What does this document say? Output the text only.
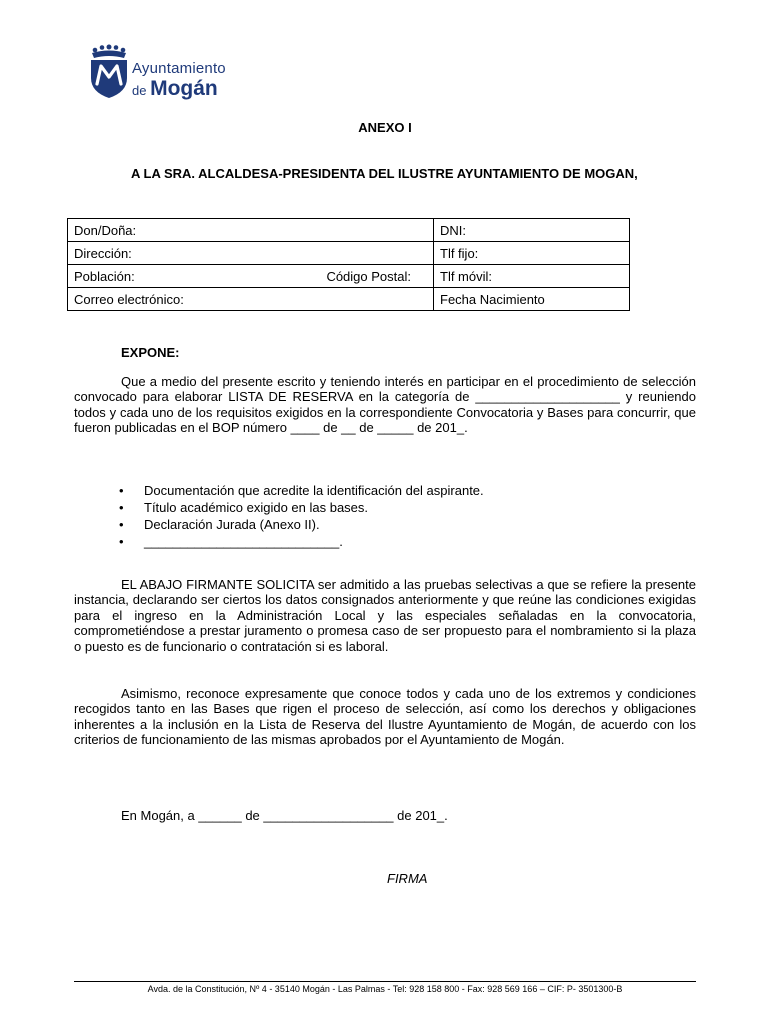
Ayuntamiento
de Mogán
ANEXO I
A LA SRA. ALCALDESA-PRESIDENTA DEL ILUSTRE AYUNTAMIENTO DE MOGAN,
Don/Doña:	DNI:
Dirección:	Tlf fijo:
Población: Código Postal:	Tlf móvil:
Correo electrónico:	Fecha Nacimiento
EXPONE:
Que a medio del presente escrito y teniendo interés en participar en el procedimiento de selección convocado para elaborar LISTA DE RESERVA en la categoría de ____________________ y reuniendo todos y cada uno de los requisitos exigidos en la correspondiente Convocatoria y Bases para concurrir, que fueron publicadas en el BOP número ____ de __ de _____ de 201_.
• Documentación que acredite la identificación del aspirante.
• Título académico exigido en las bases.
• Declaración Jurada (Anexo II).
• ___________________________.
EL ABAJO FIRMANTE SOLICITA ser admitido a las pruebas selectivas a que se refiere la presente instancia, declarando ser ciertos los datos consignados anteriormente y que reúne las condiciones exigidas para el ingreso en la Administración Local y las especiales señaladas en la convocatoria, comprometiéndose a prestar juramento o promesa caso de ser propuesto para el nombramiento si la plaza o puesto es de funcionario o contratación si es laboral.
Asimismo, reconoce expresamente que conoce todos y cada uno de los extremos y condiciones recogidos tanto en las Bases que rigen el proceso de selección, así como los derechos y obligaciones inherentes a la inclusión en la Lista de Reserva del Ilustre Ayuntamiento de Mogán, de acuerdo con los criterios de funcionamiento de las mismas aprobados por el Ayuntamiento de Mogán.
En Mogán, a ______ de __________________ de 201_.
FIRMA
Avda. de la Constitución, Nº 4 - 35140 Mogán - Las Palmas - Tel: 928 158 800 - Fax: 928 569 166 – CIF: P- 3501300-B
